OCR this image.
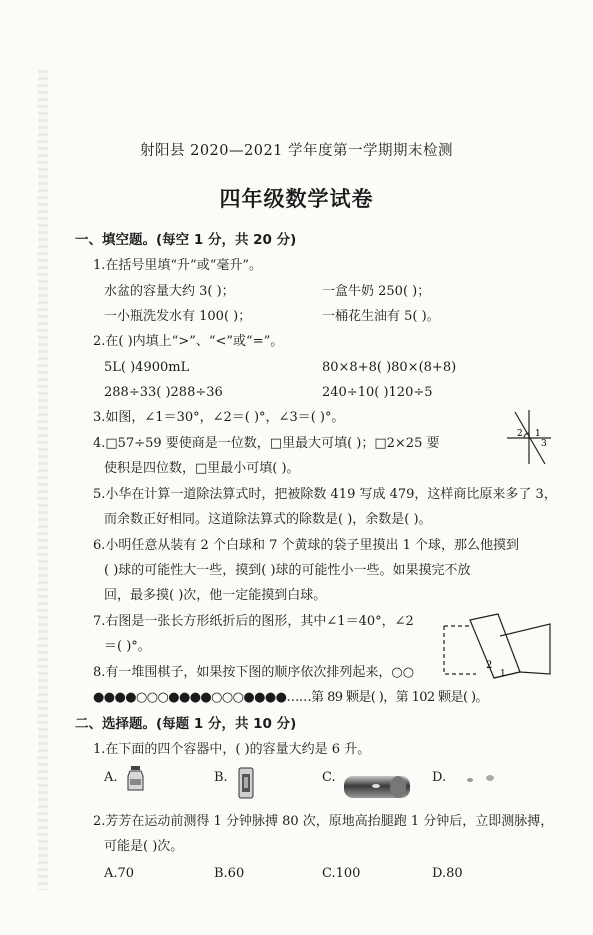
射阳县 2020—2021 学年度第一学期期末检测
四年级数学试卷
一、填空题。(每空 1 分，共 20 分)
1.在括号里填“升”或“毫升”。
水盆的容量大约 3( )；	一盒牛奶 250( )；
一小瓶洗发水有 100( )；	一桶花生油有 5( )。
2.在( )内填上“>”、“<”或“=”。
5L( )4900mL	80×8+8( )80×(8+8)
288÷33( )288÷36	240÷10( )120÷5
3.如图，∠1＝30°，∠2＝( )°，∠3＝( )°。
2 1
3
4.□57÷59 要使商是一位数，□里最大可填( )；□2×25 要
使积是四位数，□里最小可填( )。
5.小华在计算一道除法算式时，把被除数 419 写成 479，这样商比原来多了 3，
而余数正好相同。这道除法算式的除数是( )，余数是( )。
6.小明任意从装有 2 个白球和 7 个黄球的袋子里摸出 1 个球，那么他摸到
( )球的可能性大一些，摸到( )球的可能性小一些。如果摸完不放
回，最多摸( )次，他一定能摸到白球。
7.右图是一张长方形纸折后的图形，其中∠1＝40°，∠2
＝( )°。
2
1
8.有一堆围棋子，如果按下图的顺序依次排列起来，○○
●●●●○○○●●●●○○○●●●●……第 89 颗是( )，第 102 颗是( )。
二、选择题。(每题 1 分，共 10 分)
1.在下面的四个容器中，( )的容量大约是 6 升。
A.	B.	C.	D.
2.芳芳在运动前测得 1 分钟脉搏 80 次，原地高抬腿跑 1 分钟后，立即测脉搏，
可能是( )次。
A.70	B.60	C.100	D.80
